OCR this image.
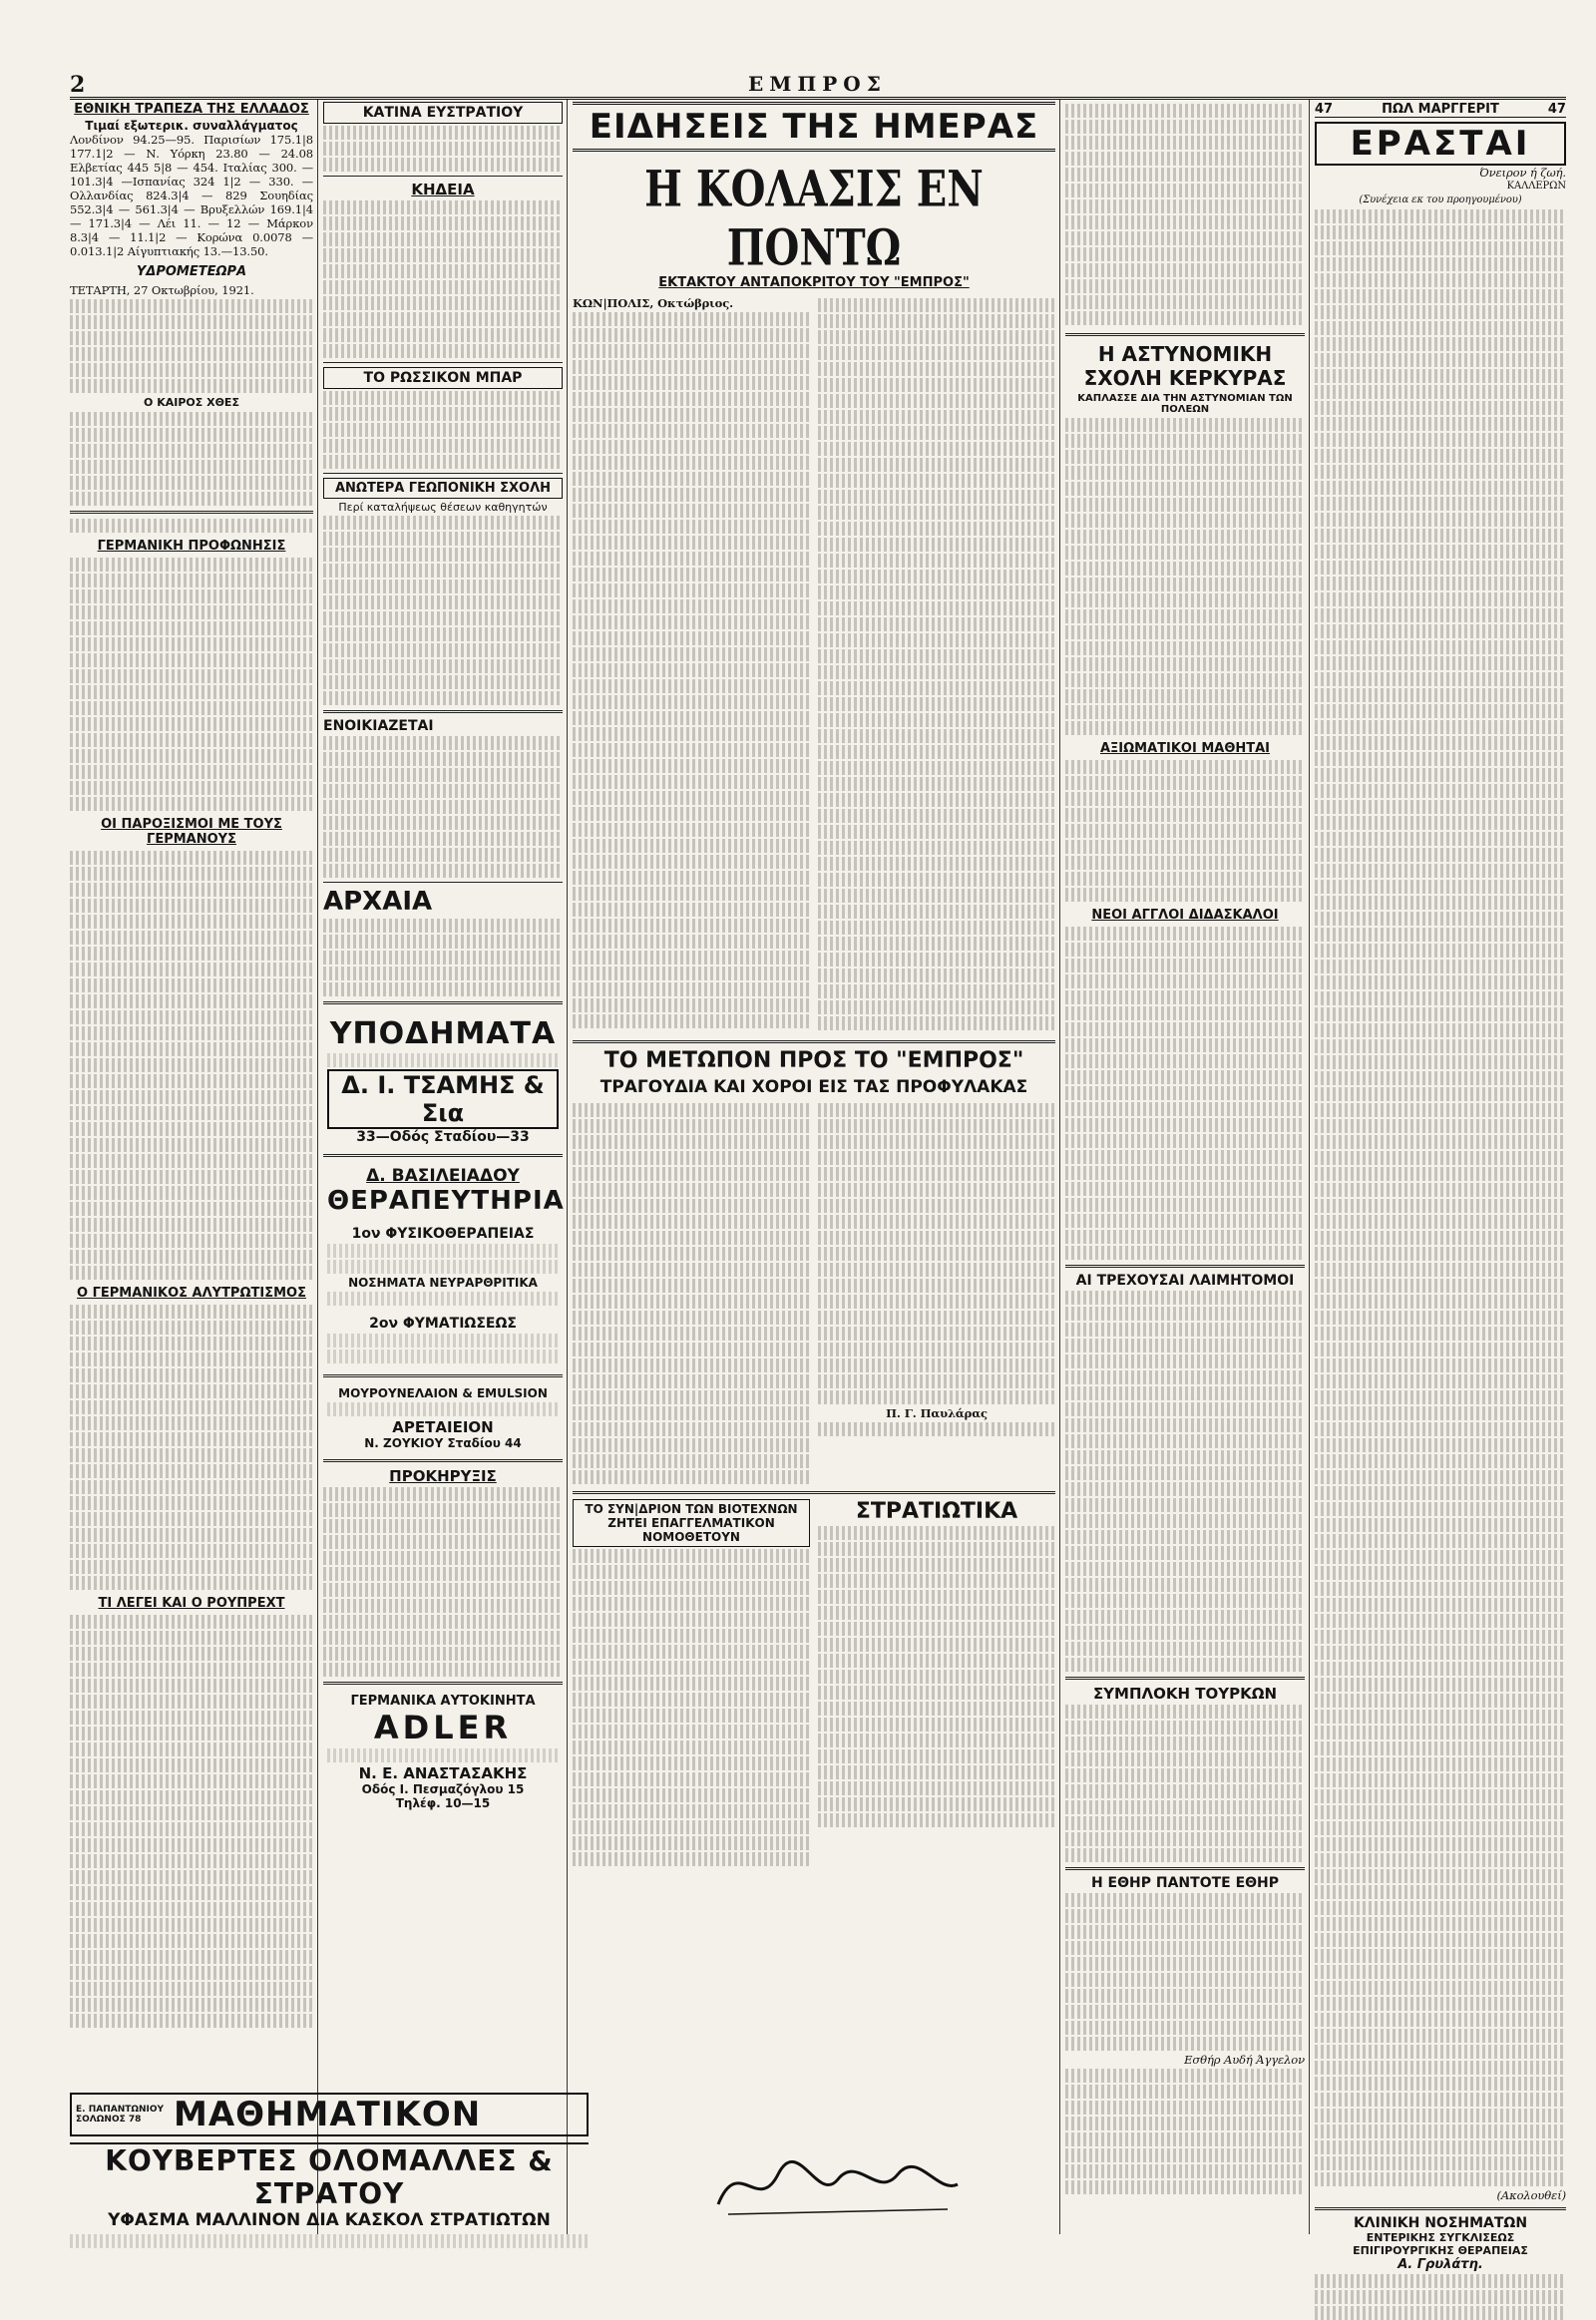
2	ΕΜΠΡΟΣ
ΕΘΝΙΚΗ ΤΡΑΠΕΖΑ ΤΗΣ ΕΛΛΑΔΟΣ
Τιμαί εξωτερικ. συναλλάγματος

Λονδίνον 94.25—95. Παρισίων 175.1|8 177.1|2 — Ν. Υόρκη 23.80 — 24.08 Ελβετίας 445 5|8 — 454. Ιταλίας 300. — 101.3|4 —Ισπανίας 324 1|2 — 330. — Ολλανδίας 824.3|4 — 829 Σουηδίας 552.3|4 — 561.3|4 — Βρυξελλών 169.1|4 — 171.3|4 — Λέι 11. — 12 — Μάρκον 8.3|4 — 11.1|2 — Κορώνα 0.0078 — 0.013.1|2 Αίγυπτιακής 13.—13.50.

ΥΔΡΟΜΕΤΕΩΡΑ

ΤΕΤΑΡΤΗ, 27 Οκτωβρίου, 1921.

Ο ΚΑΙΡΟΣ ΧΘΕΣ
ΓΕΡΜΑΝΙΚΗ ΠΡΟΦΩΝΗΣΙΣ
ΟΙ ΠΑΡΟΞΙΣΜΟΙ ΜΕ ΤΟΥΣ ΓΕΡΜΑΝΟΥΣ
Ο ΓΕΡΜΑΝΙΚΟΣ ΑΛΥΤΡΩΤΙΣΜΟΣ
ΤΙ ΛΕΓΕΙ ΚΑΙ Ο ΡΟΥΠΡΕΧΤ
Ε. ΠΑΠΑΝΤΩΝΙΟΥ ΣΟΛΩΝΟΣ 78 ΜΑΘΗΜΑΤΙΚΟΝ
ΚΑΤΙΝΑ ΕΥΣΤΡΑΤΙΟΥ
ΚΗΔΕΙΑ
ΤΟ ΡΩΣΣΙΚΟΝ ΜΠΑΡ
ΑΝΩΤΕΡΑ ΓΕΩΠΟΝΙΚΗ ΣΧΟΛΗ
Περί καταλήψεως θέσεων καθηγητών
ΕΝΟΙΚΙΑΖΕΤΑΙ
ΑΡΧΑΙΑ
ΥΠΟΔΗΜΑΤΑ
Δ. Ι. ΤΣΑΜΗΣ & Σια
33—Οδός Σταδίου—33
Δ. ΒΑΣΙΛΕΙΑΔΟΥ
ΘΕΡΑΠΕΥΤΗΡΙΑ
1ον ΦΥΣΙΚΟΘΕΡΑΠΕΙΑΣ
ΝΟΣΗΜΑΤΑ ΝΕΥΡΑΡΘΡΙΤΙΚΑ
2ον ΦΥΜΑΤΙΩΣΕΩΣ
ΜΟΥΡΟΥΝΕΛΑΙΟΝ & EMULSION
ΑΡΕΤΑΙΕΙΟΝ
Ν. ΖΟΥΚΙΟΥ Σταδίου 44
ΠΡΟΚΗΡΥΞΙΣ
ΓΕΡΜΑΝΙΚΑ ΑΥΤΟΚΙΝΗΤΑ
ADLER
Ν. Ε. ΑΝΑΣΤΑΣΑΚΗΣ
Οδός Ι. Πεσμαζόγλου 15
Τηλέφ. 10—15
ΚΟΥΒΕΡΤΕΣ ΟΛΟΜΑΛΛΕΣ & ΣΤΡΑΤΟΥ
ΥΦΑΣΜΑ ΜΑΛΛΙΝΟΝ ΔΙΑ ΚΑΣΚΟΛ ΣΤΡΑΤΙΩΤΩΝ
ΕΙΔΗΣΕΙΣ ΤΗΣ ΗΜΕΡΑΣ
Η ΚΟΛΑΣΙΣ ΕΝ ΠΟΝΤΩ
ΕΚΤΑΚΤΟΥ ΑΝΤΑΠΟΚΡΙΤΟΥ ΤΟΥ "ΕΜΠΡΟΣ"

ΚΩΝ|ΠΟΛΙΣ, Οκτώβριος.

ΤΟ ΜΕΤΩΠΟΝ ΠΡΟΣ ΤΟ "ΕΜΠΡΟΣ"
ΤΡΑΓΟΥΔΙΑ ΚΑΙ ΧΟΡΟΙ ΕΙΣ ΤΑΣ ΠΡΟΦΥΛΑΚΑΣ

Π. Γ. Παυλάρας

ΤΟ ΣΥΝ|ΔΡΙΟΝ ΤΩΝ ΒΙΟΤΕΧΝΩΝ ΖΗΤΕΙ ΕΠΑΓΓΕΛΜΑΤΙΚΟΝ ΝΟΜΟΘΕΤΟΥΝ
ΣΤΡΑΤΙΩΤΙΚΑ
Η ΑΣΤΥΝΟΜΙΚΗ ΣΧΟΛΗ ΚΕΡΚΥΡΑΣ
ΚΑΠΛΑΣΣΕ ΔΙΑ ΤΗΝ ΑΣΤΥΝΟΜΙΑΝ ΤΩΝ ΠΟΛΕΩΝ
ΑΞΙΩΜΑΤΙΚΟΙ ΜΑΘΗΤΑΙ
ΝΕΟΙ ΑΓΓΛΟΙ ΔΙΔΑΣΚΑΛΟΙ
ΑΙ ΤΡΕΧΟΥΣΑΙ ΛΑΙΜΗΤΟΜΟΙ
ΣΥΜΠΛΟΚΗ ΤΟΥΡΚΩΝ
Η ΕΘΗΡ ΠΑΝΤΟΤΕ ΕΘΗΡ

Εσθήρ Αυδή Άγγελον

47	ΠΩΛ ΜΑΡΓΓΕΡΙΤ	47
ΕΡΑΣΤΑΙ

Όνειρον ή ζωή.

ΚΑΛΛΕΡΩΝ

(Συνέχεια εκ του προηγουμένου)

(Ακολουθεί)

ΚΛΙΝΙΚΗ ΝΟΣΗΜΑΤΩΝ
ΕΝΤΕΡΙΚΗΣ ΣΥΓΚΛΙΣΕΩΣ ΕΠΙΓΙΡΟΥΡΓΙΚΗΣ ΘΕΡΑΠΕΙΑΣ
Α. Γρυλάτη.
